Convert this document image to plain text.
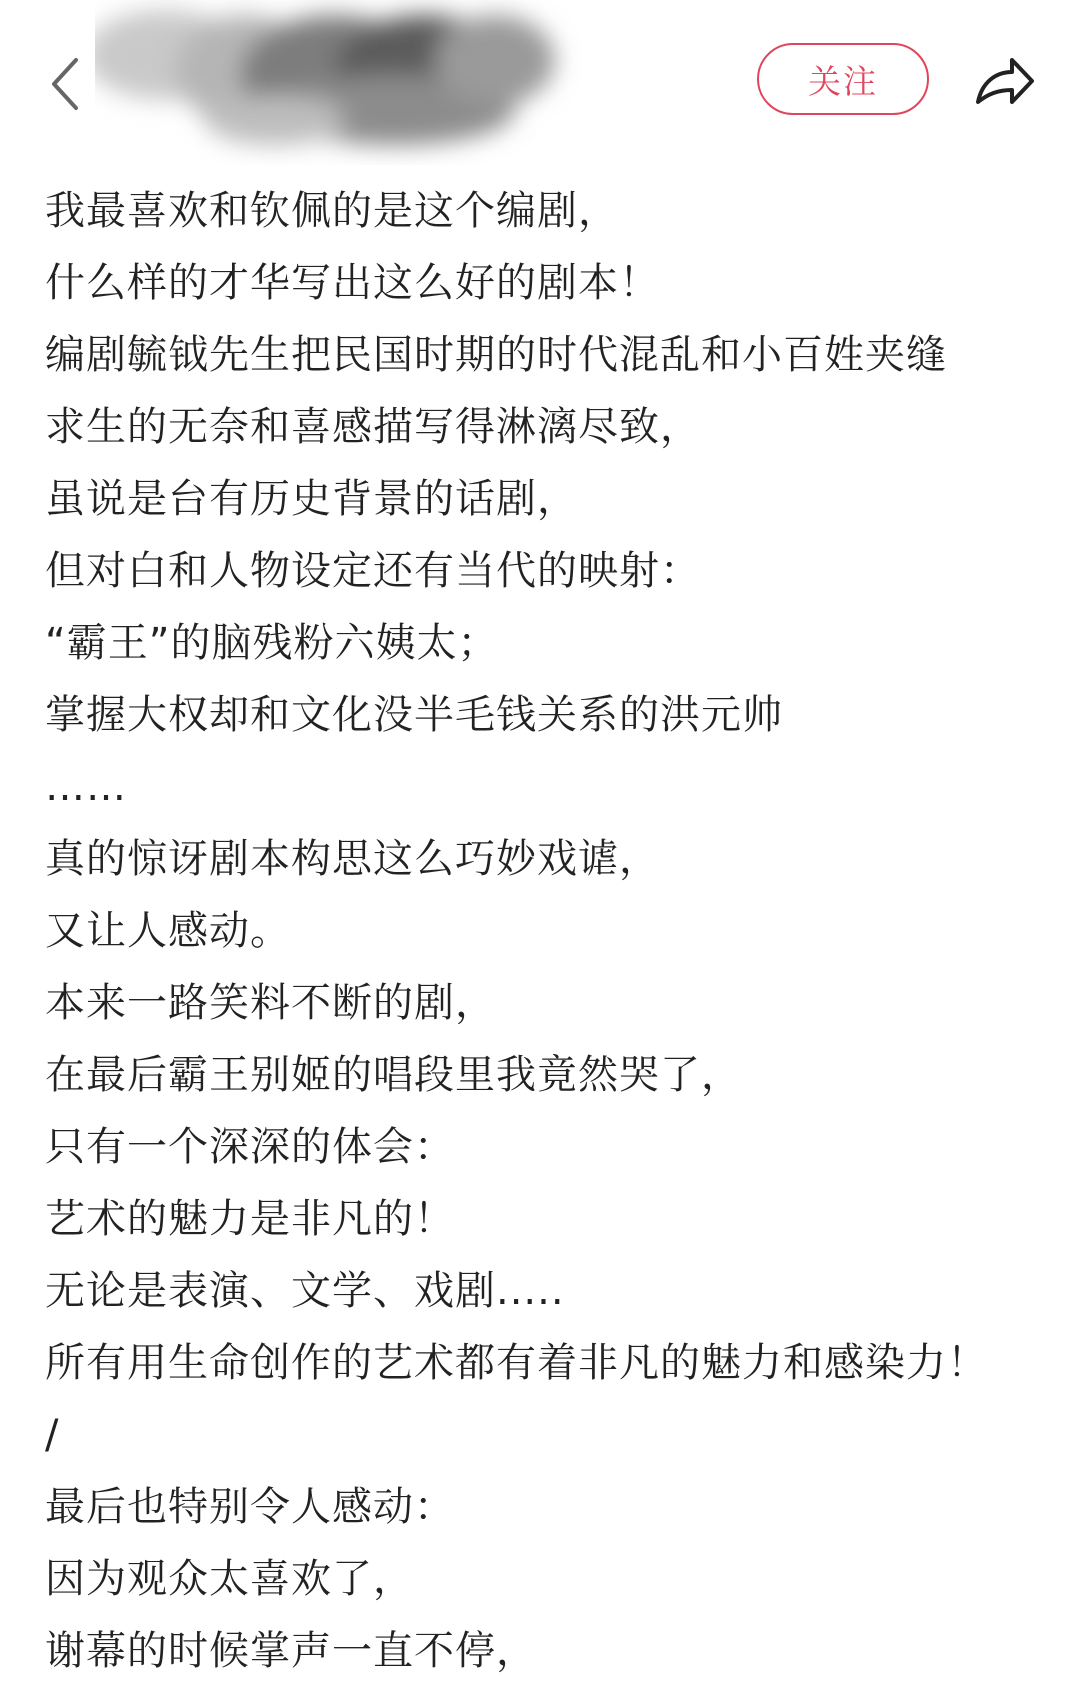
关注
我最喜欢和钦佩的是这个编剧，
什么样的才华写出这么好的剧本！
编剧毓钺先生把民国时期的时代混乱和小百姓夹缝
求生的无奈和喜感描写得淋漓尽致，
虽说是台有历史背景的话剧，
但对白和人物设定还有当代的映射：
“霸王”的脑残粉六姨太；
掌握大权却和文化没半毛钱关系的洪元帅
……
真的惊讶剧本构思这么巧妙戏谑，
又让人感动。
本来一路笑料不断的剧，
在最后霸王别姬的唱段里我竟然哭了，
只有一个深深的体会：
艺术的魅力是非凡的！
无论是表演、文学、戏剧.....
所有用生命创作的艺术都有着非凡的魅力和感染力！
/
最后也特别令人感动：
因为观众太喜欢了，
谢幕的时候掌声一直不停，
